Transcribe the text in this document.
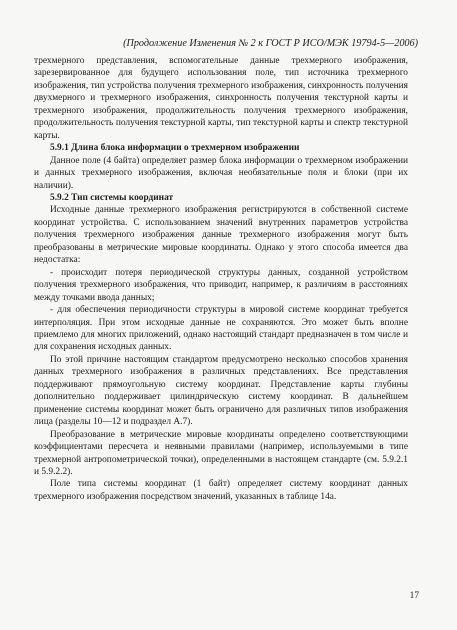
(Продолжение Изменения № 2 к ГОСТ Р ИСО/МЭК 19794-5—2006)

трехмерного представления, вспомогательные данные трехмерного изображения, зарезервированное для будущего использования поле, тип источника трехмерного изображения, тип устройства получения трехмерного изображения, синхронность получения двухмерного и трехмерного изображения, синхронность получения текстурной карты и трехмерного изображения, продолжительность получения трехмерного изображения, продолжительность получения текстурной карты, тип текстурной карты и спектр текстурной карты.

5.9.1 Длина блока информации о трехмерном изображении

Данное поле (4 байта) определяет размер блока информации о трехмерном изображении и данных трехмерного изображения, включая необязательные поля и блоки (при их наличии).

5.9.2 Тип системы координат

Исходные данные трехмерного изображения регистрируются в собственной системе координат устройства. С использованием значений внутренних параметров устройства получения трехмерного изображения данные трехмерного изображения могут быть преобразованы в метрические мировые координаты. Однако у этого способа имеется два недостатка:

- происходит потеря периодической структуры данных, созданной устройством получения трехмерного изображения, что приводит, например, к различиям в расстояниях между точками ввода данных;

- для обеспечения периодичности структуры в мировой системе координат требуется интерполяция. При этом исходные данные не сохраняются. Это может быть вполне приемлемо для многих приложений, однако настоящий стандарт предназначен в том числе и для сохранения исходных данных.

По этой причине настоящим стандартом предусмотрено несколько способов хранения данных трехмерного изображения в различных представлениях. Все представления поддерживают прямоугольную систему координат. Представление карты глубины дополнительно поддерживает цилиндрическую систему координат. В дальнейшем применение системы координат может быть ограничено для различных типов изображения лица (разделы 10—12 и подраздел А.7).

Преобразование в метрические мировые координаты определено соответствующими коэффициентами пересчета и неявными правилами (например, используемыми в типе трехмерной антропометрической точки), определенными в настоящем стандарте (см. 5.9.2.1 и 5.9.2.2).

Поле типа системы координат (1 байт) определяет систему координат данных трехмерного изображения посредством значений, указанных в таблице 14а.

17
